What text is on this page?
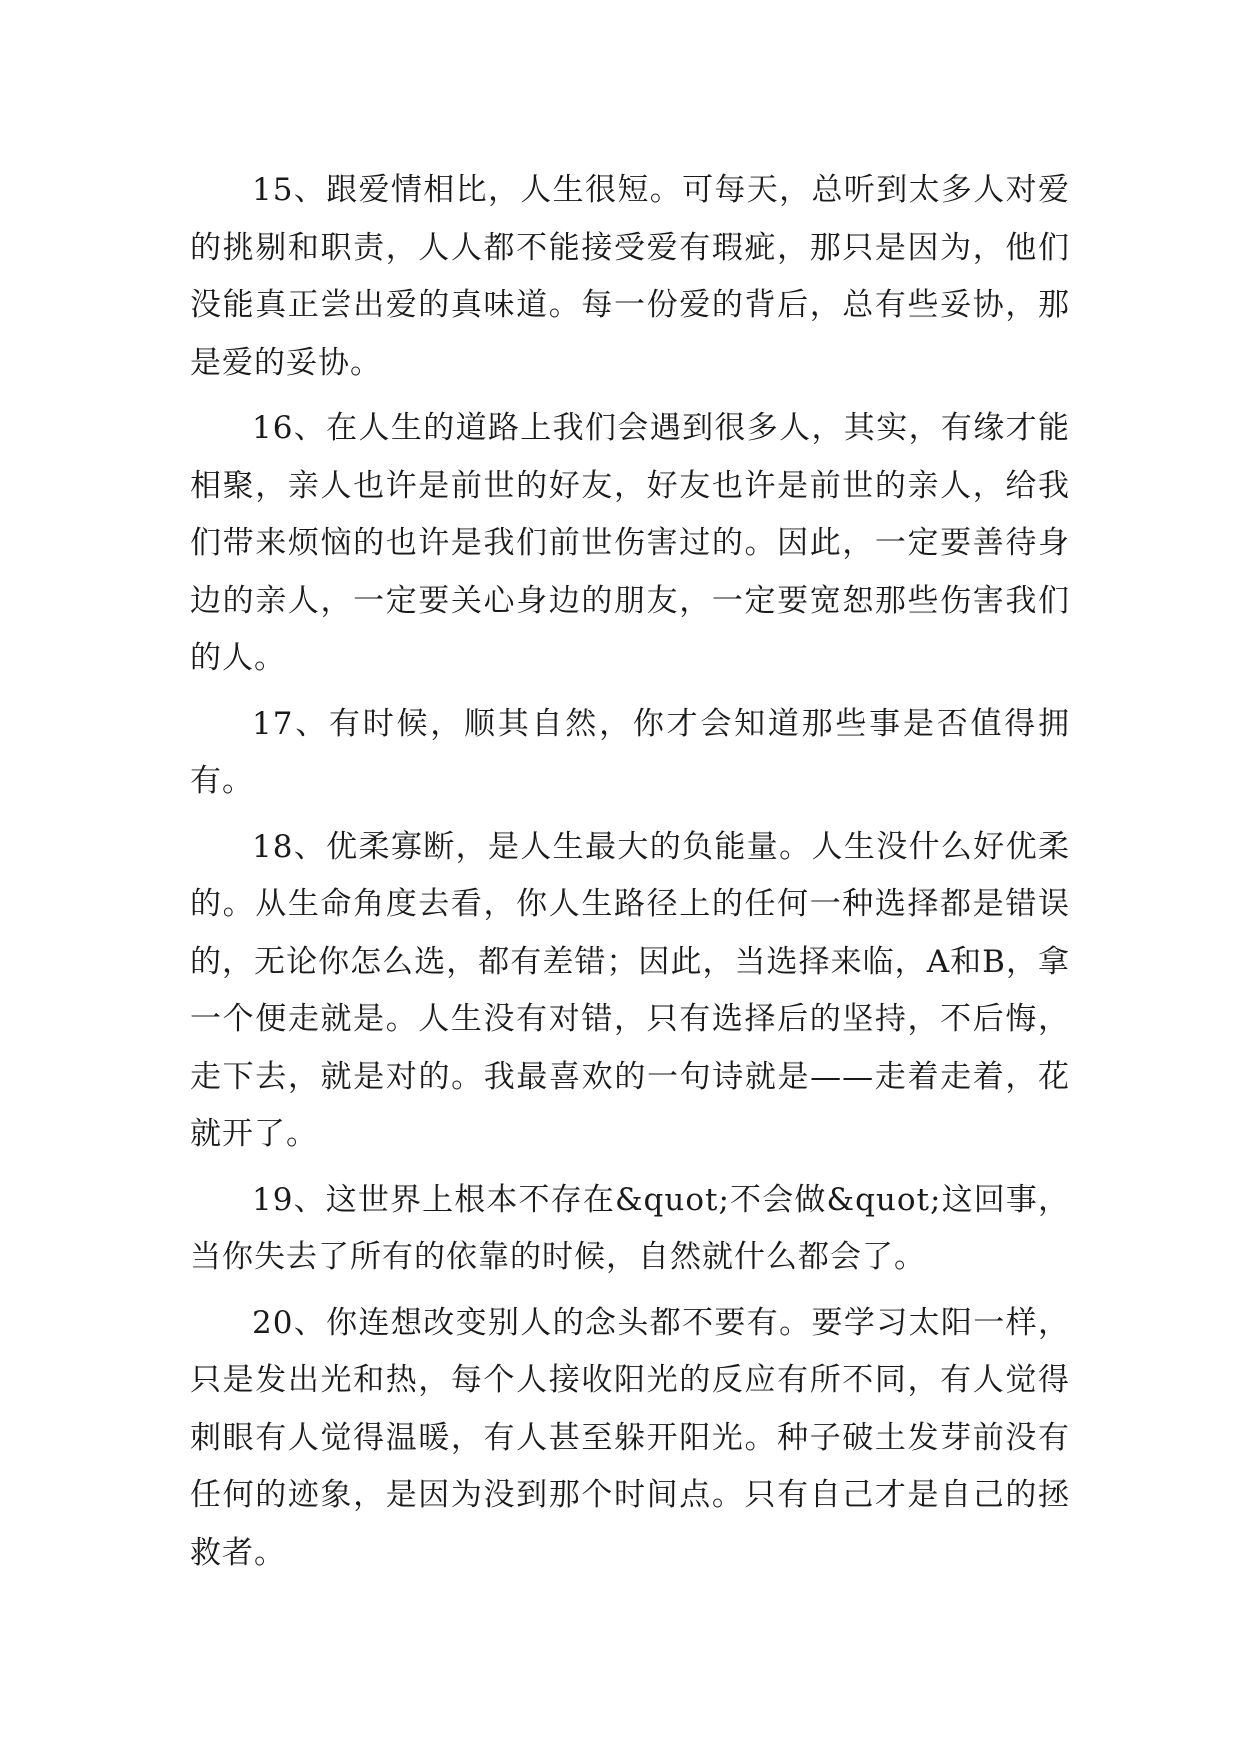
15、跟爱情相比，人生很短。可每天，总听到太多人对爱的挑剔和职责，人人都不能接受爱有瑕疵，那只是因为，他们没能真正尝出爱的真味道。每一份爱的背后，总有些妥协，那是爱的妥协。

16、在人生的道路上我们会遇到很多人，其实，有缘才能相聚，亲人也许是前世的好友，好友也许是前世的亲人，给我们带来烦恼的也许是我们前世伤害过的。因此，一定要善待身边的亲人，一定要关心身边的朋友，一定要宽恕那些伤害我们的人。

17、有时候，顺其自然，你才会知道那些事是否值得拥有。

18、优柔寡断，是人生最大的负能量。人生没什么好优柔的。从生命角度去看，你人生路径上的任何一种选择都是错误的，无论你怎么选，都有差错；因此，当选择来临，A和B，拿一个便走就是。人生没有对错，只有选择后的坚持，不后悔，走下去，就是对的。我最喜欢的一句诗就是——走着走着，花就开了。

19、这世界上根本不存在&quot;不会做&quot;这回事，当你失去了所有的依靠的时候，自然就什么都会了。

20、你连想改变别人的念头都不要有。要学习太阳一样，只是发出光和热，每个人接收阳光的反应有所不同，有人觉得刺眼有人觉得温暖，有人甚至躲开阳光。种子破土发芽前没有任何的迹象，是因为没到那个时间点。只有自己才是自己的拯救者。
